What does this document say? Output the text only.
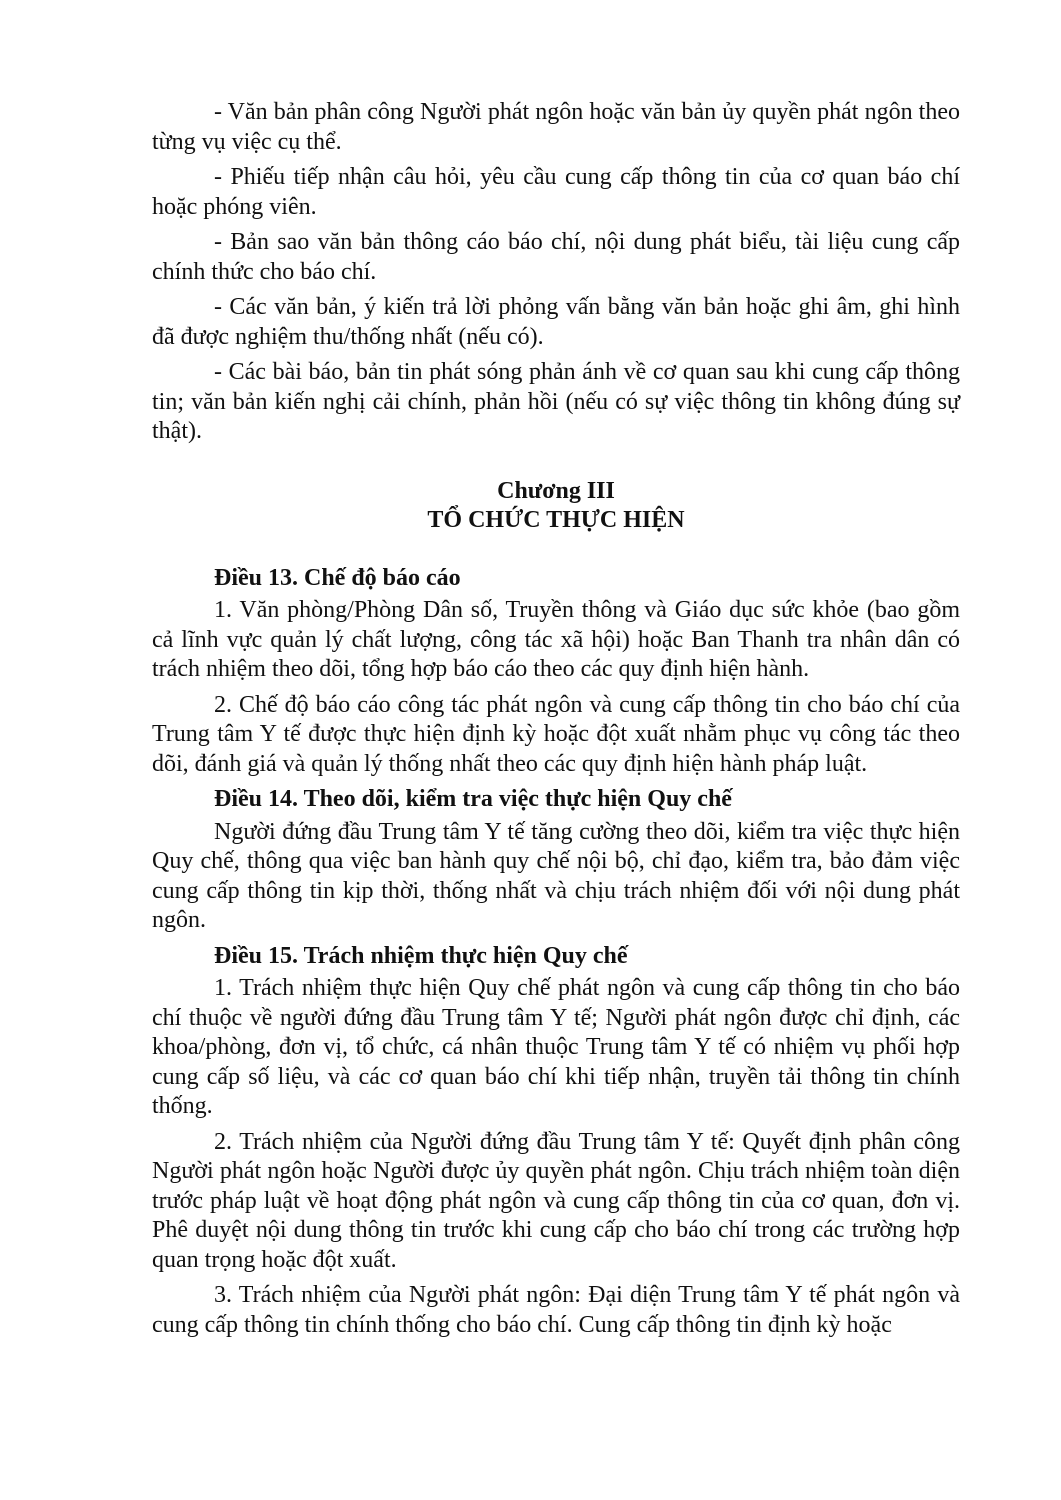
- Văn bản phân công Người phát ngôn hoặc văn bản ủy quyền phát ngôn theo từng vụ việc cụ thể.

- Phiếu tiếp nhận câu hỏi, yêu cầu cung cấp thông tin của cơ quan báo chí hoặc phóng viên.

- Bản sao văn bản thông cáo báo chí, nội dung phát biểu, tài liệu cung cấp chính thức cho báo chí.

- Các văn bản, ý kiến trả lời phỏng vấn bằng văn bản hoặc ghi âm, ghi hình đã được nghiệm thu/thống nhất (nếu có).

- Các bài báo, bản tin phát sóng phản ánh về cơ quan sau khi cung cấp thông tin; văn bản kiến nghị cải chính, phản hồi (nếu có sự việc thông tin không đúng sự thật).

Chương III

TỔ CHỨC THỰC HIỆN

Điều 13. Chế độ báo cáo

1. Văn phòng/Phòng Dân số, Truyền thông và Giáo dục sức khỏe (bao gồm cả lĩnh vực quản lý chất lượng, công tác xã hội) hoặc Ban Thanh tra nhân dân có trách nhiệm theo dõi, tổng hợp báo cáo theo các quy định hiện hành.

2. Chế độ báo cáo công tác phát ngôn và cung cấp thông tin cho báo chí của Trung tâm Y tế được thực hiện định kỳ hoặc đột xuất nhằm phục vụ công tác theo dõi, đánh giá và quản lý thống nhất theo các quy định hiện hành pháp luật.

Điều 14. Theo dõi, kiểm tra việc thực hiện Quy chế

Người đứng đầu Trung tâm Y tế tăng cường theo dõi, kiểm tra việc thực hiện Quy chế, thông qua việc ban hành quy chế nội bộ, chỉ đạo, kiểm tra, bảo đảm việc cung cấp thông tin kịp thời, thống nhất và chịu trách nhiệm đối với nội dung phát ngôn.

Điều 15. Trách nhiệm thực hiện Quy chế

1. Trách nhiệm thực hiện Quy chế phát ngôn và cung cấp thông tin cho báo chí thuộc về người đứng đầu Trung tâm Y tế; Người phát ngôn được chỉ định, các khoa/phòng, đơn vị, tổ chức, cá nhân thuộc Trung tâm Y tế có nhiệm vụ phối hợp cung cấp số liệu, và các cơ quan báo chí khi tiếp nhận, truyền tải thông tin chính thống.

2. Trách nhiệm của Người đứng đầu Trung tâm Y tế: Quyết định phân công Người phát ngôn hoặc Người được ủy quyền phát ngôn. Chịu trách nhiệm toàn diện trước pháp luật về hoạt động phát ngôn và cung cấp thông tin của cơ quan, đơn vị. Phê duyệt nội dung thông tin trước khi cung cấp cho báo chí trong các trường hợp quan trọng hoặc đột xuất.

3. Trách nhiệm của Người phát ngôn: Đại diện Trung tâm Y tế phát ngôn và cung cấp thông tin chính thống cho báo chí. Cung cấp thông tin định kỳ hoặc
